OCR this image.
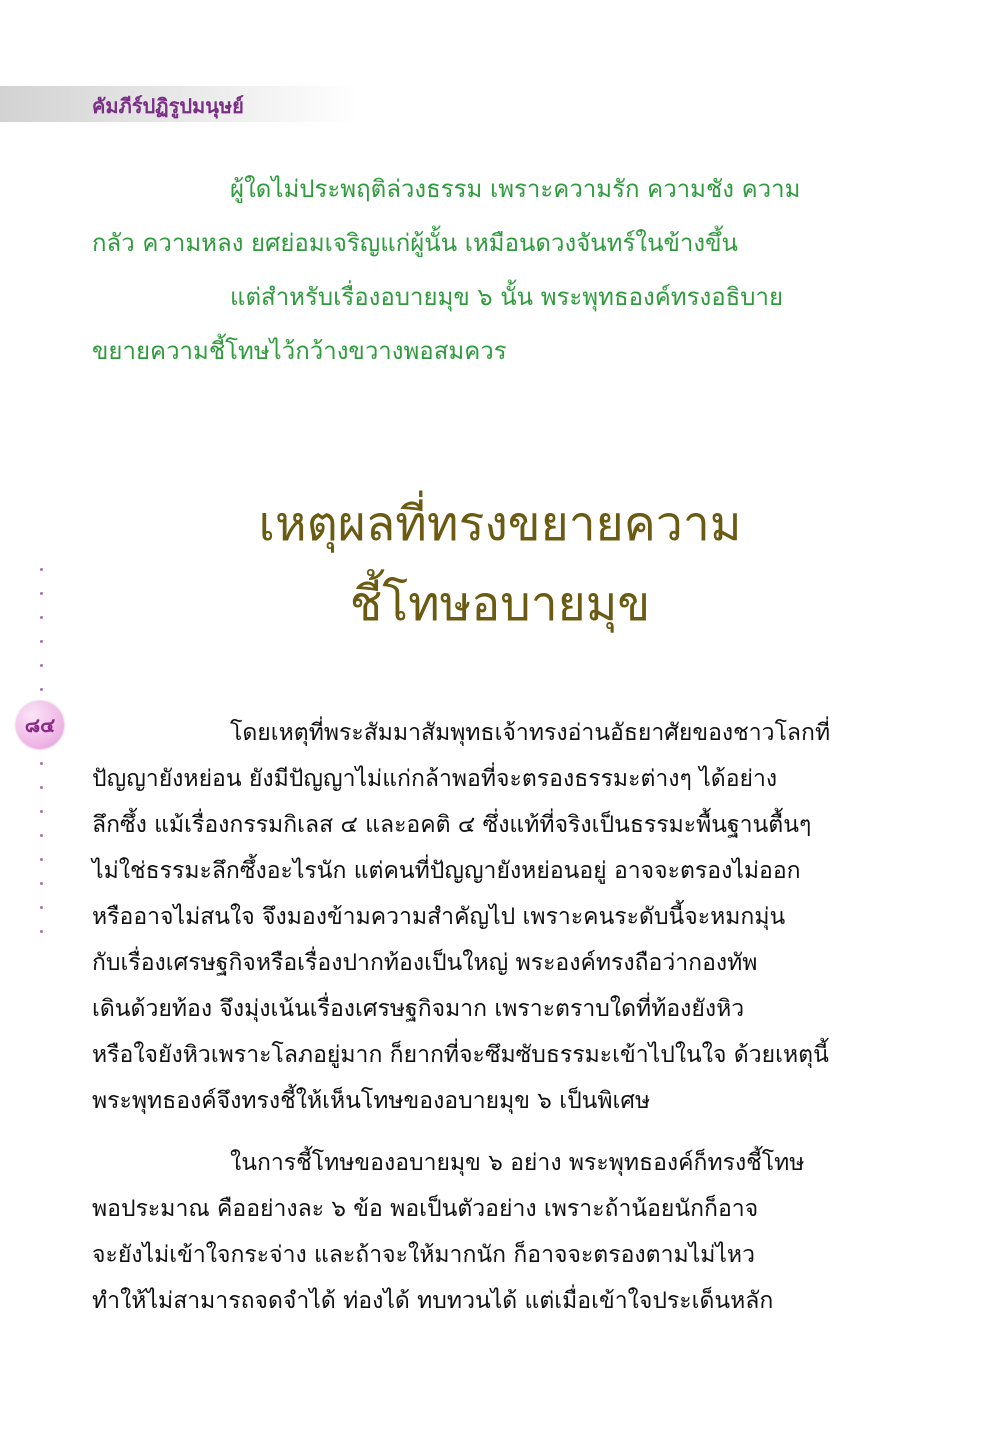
คัมภีร์ปฏิรูปมนุษย์
ผู้ใดไม่ประพฤติล่วงธรรม เพราะความรัก ความชัง ความ
กลัว ความหลง ยศย่อมเจริญแก่ผู้นั้น เหมือนดวงจันทร์ในข้างขึ้น
แต่สำหรับเรื่องอบายมุข ๖ นั้น พระพุทธองค์ทรงอธิบาย
ขยายความชี้โทษไว้กว้างขวางพอสมควร
เหตุผลที่ทรงขยายความ
ชี้โทษอบายมุข
๘๔	โดยเหตุที่พระสัมมาสัมพุทธเจ้าทรงอ่านอัธยาศัยของชาวโลกที่
ปัญญายังหย่อน ยังมีปัญญาไม่แก่กล้าพอที่จะตรองธรรมะต่างๆ ได้อย่าง
ลึกซึ้ง แม้เรื่องกรรมกิเลส ๔ และอคติ ๔ ซึ่งแท้ที่จริงเป็นธรรมะพื้นฐานตื้นๆ
ไม่ใช่ธรรมะลึกซึ้งอะไรนัก แต่คนที่ปัญญายังหย่อนอยู่ อาจจะตรองไม่ออก
หรืออาจไม่สนใจ จึงมองข้ามความสำคัญไป เพราะคนระดับนี้จะหมกมุ่น
กับเรื่องเศรษฐกิจหรือเรื่องปากท้องเป็นใหญ่ พระองค์ทรงถือว่ากองทัพ
เดินด้วยท้อง จึงมุ่งเน้นเรื่องเศรษฐกิจมาก เพราะตราบใดที่ท้องยังหิว
หรือใจยังหิวเพราะโลภอยู่มาก ก็ยากที่จะซึมซับธรรมะเข้าไปในใจ ด้วยเหตุนี้
พระพุทธองค์จึงทรงชี้ให้เห็นโทษของอบายมุข ๖ เป็นพิเศษ
ในการชี้โทษของอบายมุข ๖ อย่าง พระพุทธองค์ก็ทรงชี้โทษ
พอประมาณ คืออย่างละ ๖ ข้อ พอเป็นตัวอย่าง เพราะถ้าน้อยนักก็อาจ
จะยังไม่เข้าใจกระจ่าง และถ้าจะให้มากนัก ก็อาจจะตรองตามไม่ไหว
ทำให้ไม่สามารถจดจำได้ ท่องได้ ทบทวนได้ แต่เมื่อเข้าใจประเด็นหลัก
